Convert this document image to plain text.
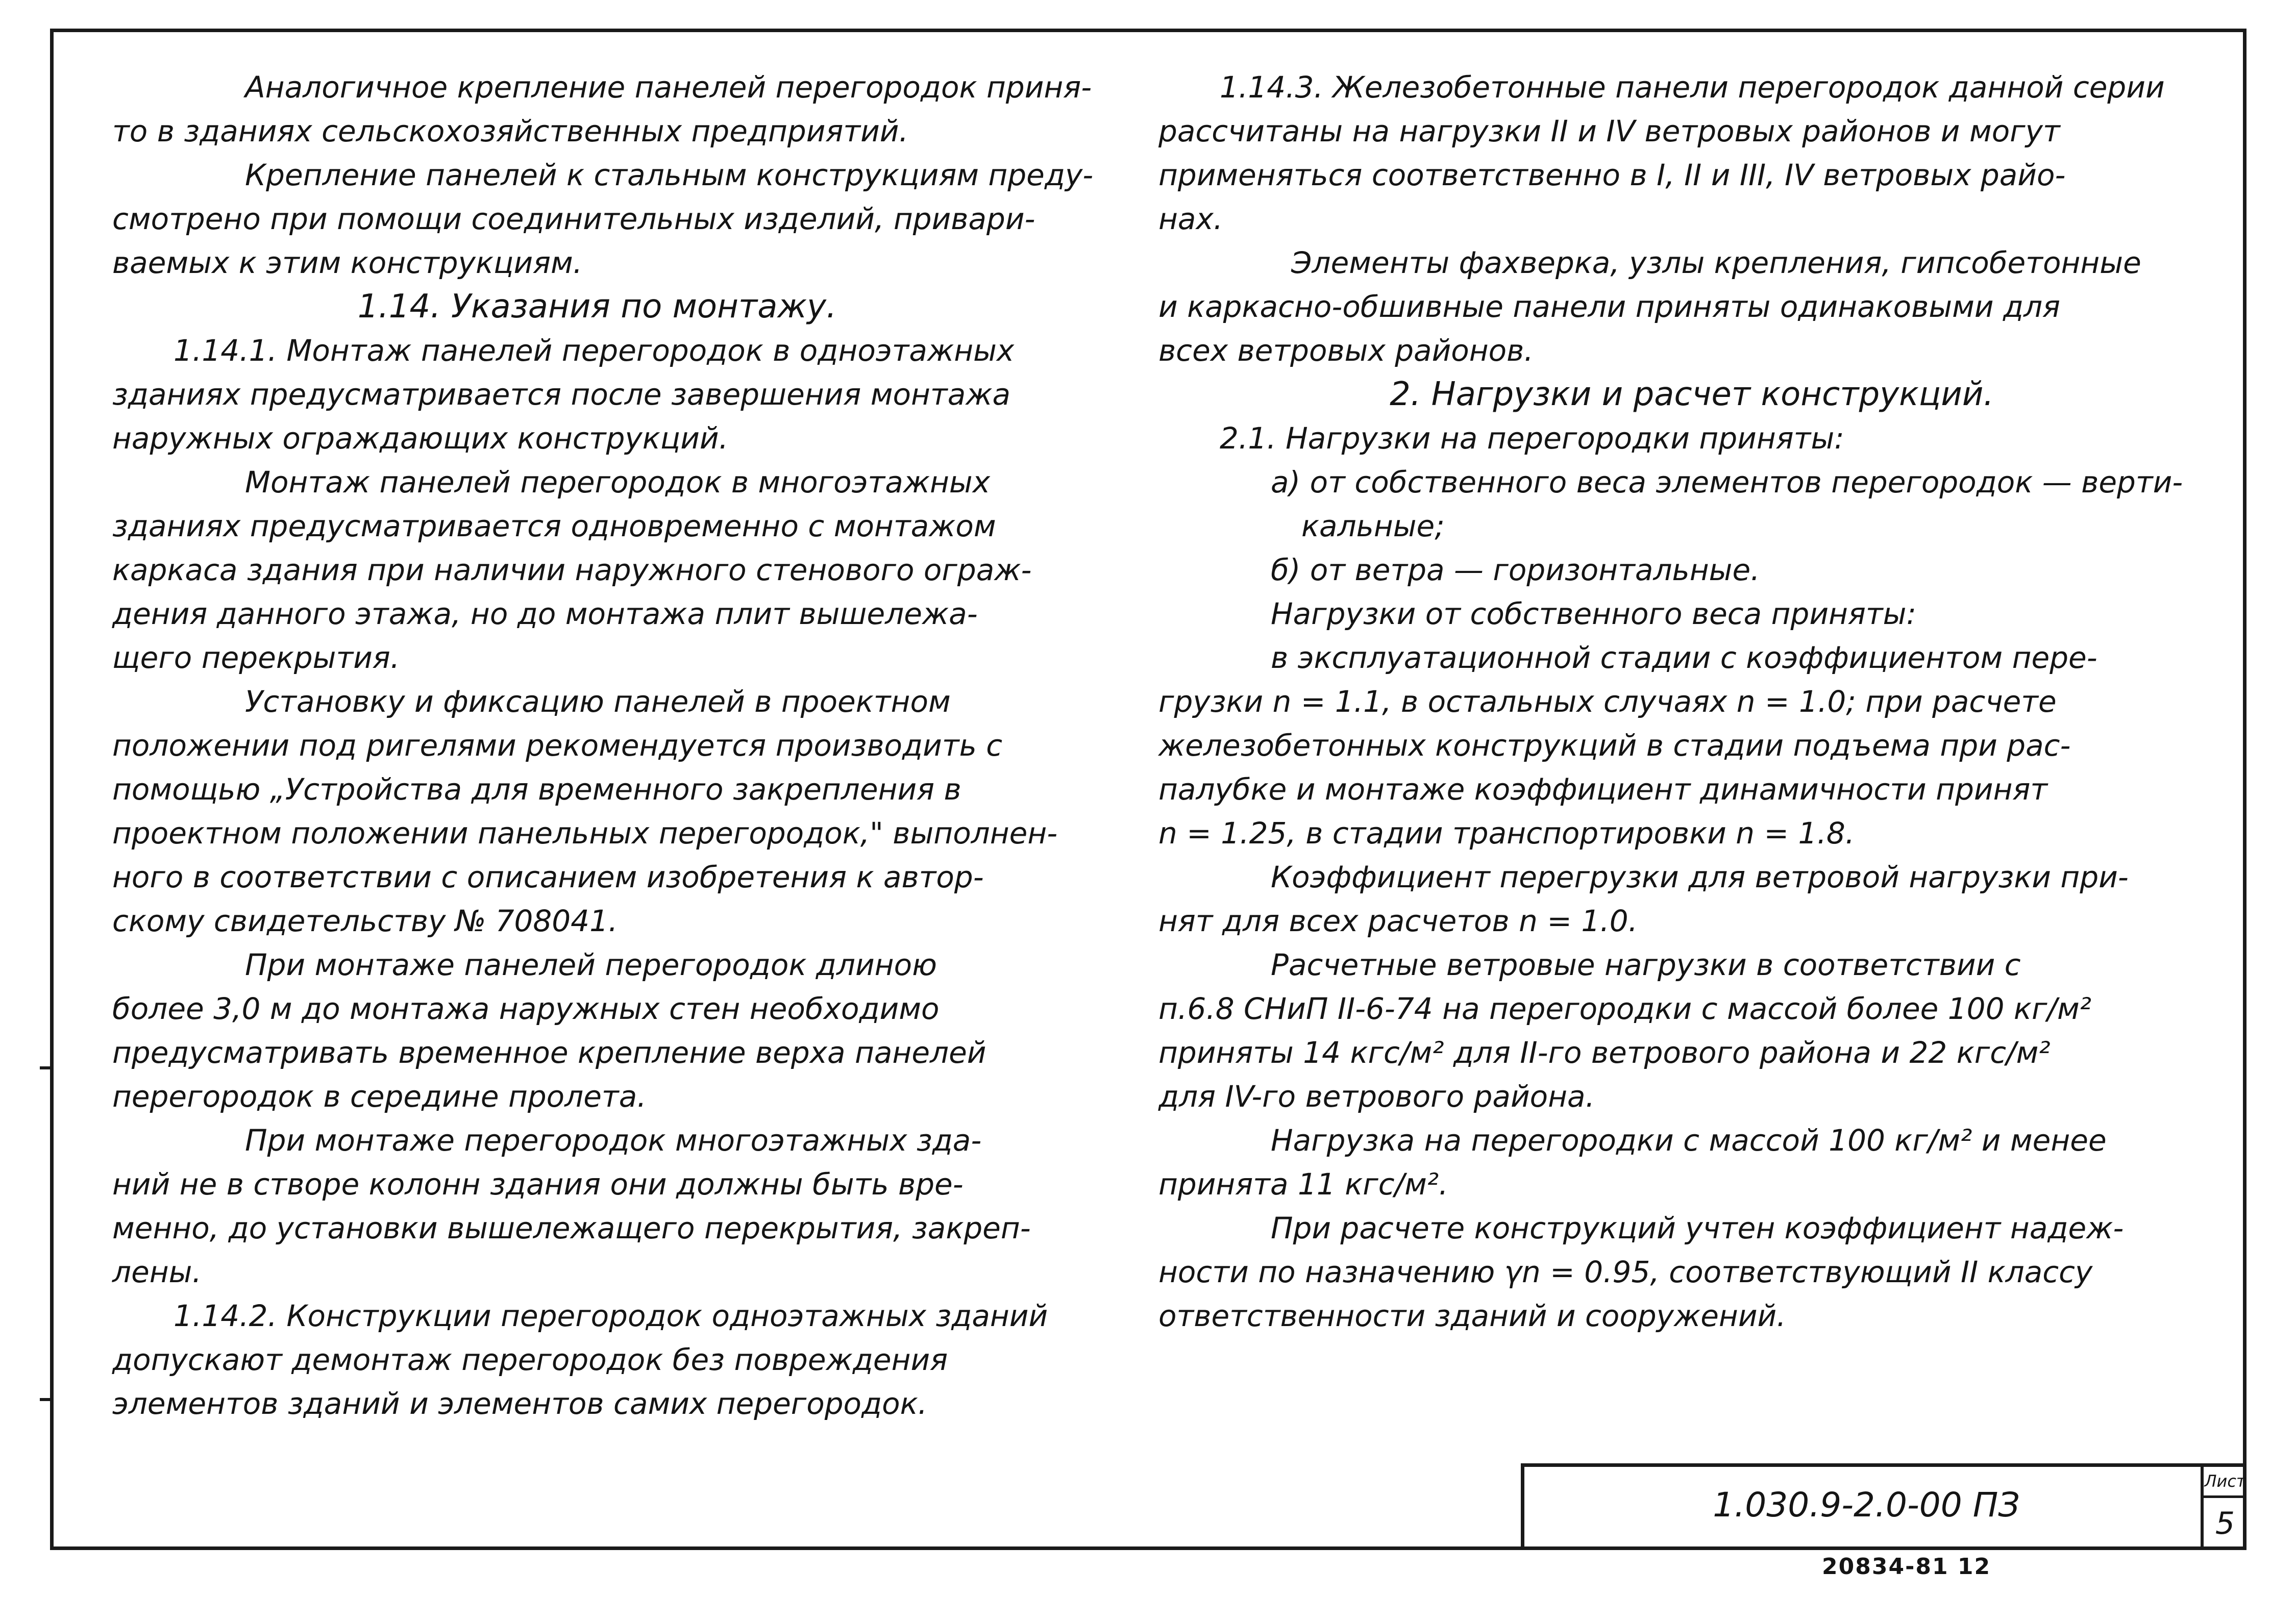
Аналогичное крепление панелей перегородок приня-
то в зданиях сельскохозяйственных предприятий.
Крепление панелей к стальным конструкциям преду-
смотрено при помощи соединительных изделий, привари-
ваемых к этим конструкциям.
1.14. Указания по монтажу.
1.14.1. Монтаж панелей перегородок в одноэтажных
зданиях предусматривается после завершения монтажа
наружных ограждающих конструкций.
Монтаж панелей перегородок в многоэтажных
зданиях предусматривается одновременно с монтажом
каркаса здания при наличии наружного стенового ограж-
дения данного этажа, но до монтажа плит вышележа-
щего перекрытия.
Установку и фиксацию панелей в проектном
положении под ригелями рекомендуется производить с
помощью „Устройства для временного закрепления в
проектном положении панельных перегородок," выполнен-
ного в соответствии с описанием изобретения к автор-
скому свидетельству № 708041.
При монтаже панелей перегородок длиною
более 3,0 м до монтажа наружных стен необходимо
предусматривать временное крепление верха панелей
перегородок в середине пролета.
При монтаже перегородок многоэтажных зда-
ний не в створе колонн здания они должны быть вре-
менно, до установки вышележащего перекрытия, закреп-
лены.
1.14.2. Конструкции перегородок одноэтажных зданий
допускают демонтаж перегородок без повреждения
элементов зданий и элементов самих перегородок.
1.14.3. Железобетонные панели перегородок данной серии
рассчитаны на нагрузки II и IV ветровых районов и могут
применяться соответственно в I, II и III, IV ветровых райо-
нах.
Элементы фахверка, узлы крепления, гипсобетонные
и каркасно-обшивные панели приняты одинаковыми для
всех ветровых районов.
2. Нагрузки и расчет конструкций.
2.1. Нагрузки на перегородки приняты:
а) от собственного веса элементов перегородок — верти-
кальные;
б) от ветра — горизонтальные.
Нагрузки от собственного веса приняты:
в эксплуатационной стадии с коэффициентом пере-
грузки n = 1.1, в остальных случаях n = 1.0; при расчете
железобетонных конструкций в стадии подъема при рас-
палубке и монтаже коэффициент динамичности принят
n = 1.25, в стадии транспортировки n = 1.8.
Коэффициент перегрузки для ветровой нагрузки при-
нят для всех расчетов n = 1.0.
Расчетные ветровые нагрузки в соответствии с
п.6.8 СНиП II-6-74 на перегородки с массой более 100 кг/м²
приняты 14 кгс/м² для II-го ветрового района и 22 кгс/м²
для IV-го ветрового района.
Нагрузка на перегородки с массой 100 кг/м² и менее
принята 11 кгс/м².
При расчете конструкций учтен коэффициент надеж-
ности по назначению γn = 0.95, соответствующий II классу
ответственности зданий и сооружений.
1.030.9-2.0-00 ПЗ
Лист
5
20834-81 12
